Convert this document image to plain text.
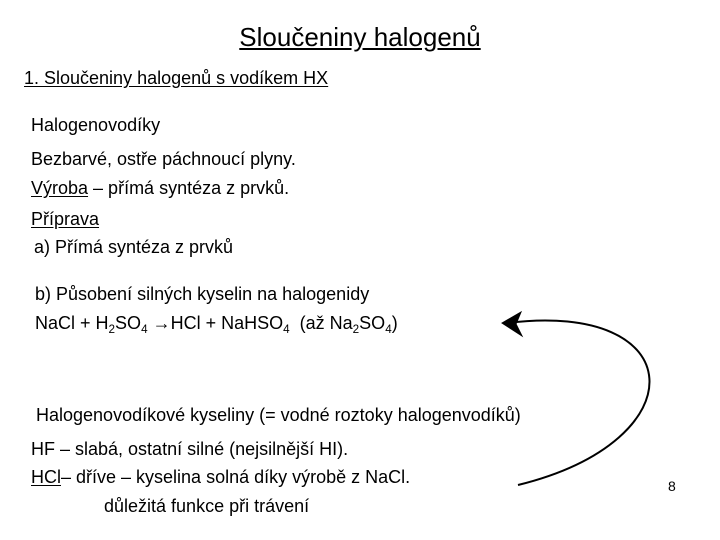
Sloučeniny halogenů
1. Sloučeniny halogenů s vodíkem HX
Halogenovodíky
Bezbarvé, ostře páchnoucí plyny.
Výroba – přímá syntéza z prvků.
Příprava
a) Přímá syntéza z prvků
b) Působení silných kyselin na halogenidy
NaCl + $H_2SO_4 \to HCl$ + NaHSO$_4$  (až $Na_2SO_4$)
Halogenovodíkové kyseliny (= vodné roztoky halogenvodíků)
HF – slabá, ostatní silné (nejsilnější HI).
HCl– dříve – kyselina solná díky výrobě z NaCl.
důležitá funkce při trávení
8
